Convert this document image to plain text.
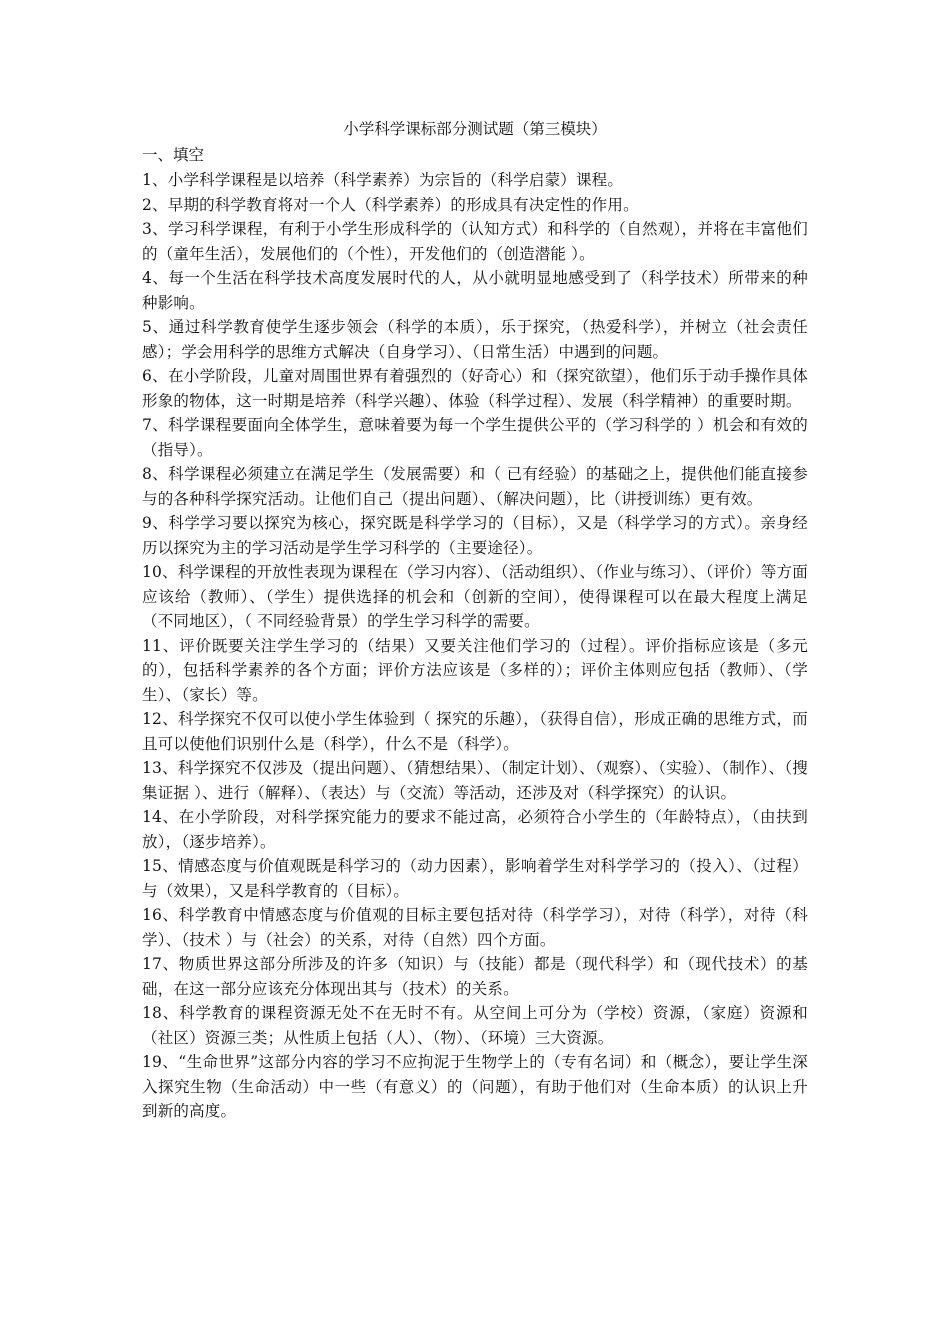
小学科学课标部分测试题（第三模块）

一、填空

1、小学科学课程是以培养（科学素养）为宗旨的（科学启蒙）课程。

2、早期的科学教育将对一个人（科学素养）的形成具有决定性的作用。

3、学习科学课程，有利于小学生形成科学的（认知方式）和科学的（自然观），并将在丰富他们的（童年生活），发展他们的（个性），开发他们的（创造潜能 ）。

4、每一个生活在科学技术高度发展时代的人，从小就明显地感受到了（科学技术）所带来的种种影响。

5、通过科学教育使学生逐步领会（科学的本质），乐于探究，（热爱科学），并树立（社会责任感）；学会用科学的思维方式解决（自身学习）、（日常生活）中遇到的问题。

6、在小学阶段，儿童对周围世界有着强烈的（好奇心）和（探究欲望），他们乐于动手操作具体形象的物体，这一时期是培养（科学兴趣）、体验（科学过程）、发展（科学精神）的重要时期。

7、科学课程要面向全体学生，意味着要为每一个学生提供公平的（学习科学的 ）机会和有效的（指导）。

8、科学课程必须建立在满足学生（发展需要）和（ 已有经验）的基础之上，提供他们能直接参与的各种科学探究活动。让他们自己（提出问题）、（解决问题），比（讲授训练）更有效。

9、科学学习要以探究为核心，探究既是科学学习的（目标），又是（科学学习的方式）。亲身经历以探究为主的学习活动是学生学习科学的（主要途径）。

10、科学课程的开放性表现为课程在（学习内容）、（活动组织）、（作业与练习）、（评价）等方面应该给（教师）、（学生）提供选择的机会和（创新的空间），使得课程可以在最大程度上满足（不同地区），（ 不同经验背景）的学生学习科学的需要。

11、评价既要关注学生学习的（结果）又要关注他们学习的（过程）。评价指标应该是（多元的），包括科学素养的各个方面；评价方法应该是（多样的）；评价主体则应包括（教师）、（学生）、（家长）等。

12、科学探究不仅可以使小学生体验到（ 探究的乐趣），（获得自信），形成正确的思维方式，而且可以使他们识别什么是（科学），什么不是（科学）。

13、科学探究不仅涉及（提出问题）、（猜想结果）、（制定计划）、（观察）、（实验）、（制作）、（搜集证据 ）、进行（解释）、（表达）与（交流）等活动，还涉及对（科学探究）的认识。

14、在小学阶段，对科学探究能力的要求不能过高，必须符合小学生的（年龄特点），（由扶到放），（逐步培养）。

15、情感态度与价值观既是科学习的（动力因素），影响着学生对科学学习的（投入）、（过程）与（效果），又是科学教育的（目标）。

16、科学教育中情感态度与价值观的目标主要包括对待（科学学习），对待（科学），对待（科学）、（技术 ）与（社会）的关系，对待（自然）四个方面。

17、物质世界这部分所涉及的许多（知识）与（技能）都是（现代科学）和（现代技术）的基础，在这一部分应该充分体现出其与（技术）的关系。

18、科学教育的课程资源无处不在无时不有。从空间上可分为（学校）资源，（家庭）资源和（社区）资源三类；从性质上包括（人）、（物）、（环境）三大资源。

19、“生命世界”这部分内容的学习不应拘泥于生物学上的（专有名词）和（概念），要让学生深入探究生物（生命活动）中一些（有意义）的（问题），有助于他们对（生命本质）的认识上升到新的高度。
